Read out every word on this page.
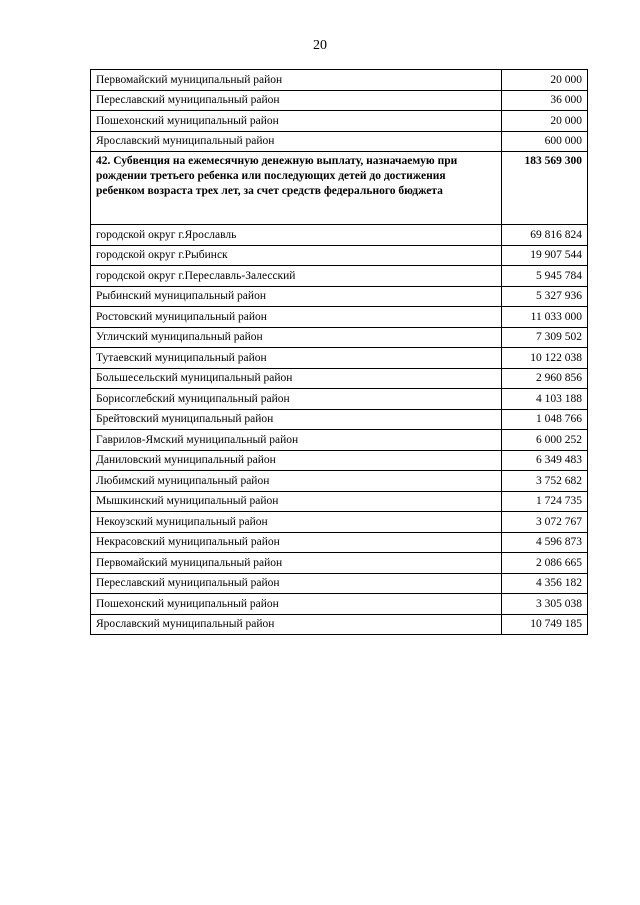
20
Первомайский муниципальный район	20 000
Переславский муниципальный район	36 000
Пошехонский муниципальный район	20 000
Ярославский муниципальный район	600 000
42. Субвенция на ежемесячную денежную выплату, назначаемую при рождении третьего ребенка или последующих детей до достижения ребенком возраста трех лет, за счет средств федерального бюджета	183 569 300
городской округ г.Ярославль	69 816 824
городской округ г.Рыбинск	19 907 544
городской округ г.Переславль-Залесский	5 945 784
Рыбинский муниципальный район	5 327 936
Ростовский муниципальный район	11 033 000
Угличский муниципальный район	7 309 502
Тутаевский муниципальный район	10 122 038
Большесельский муниципальный район	2 960 856
Борисоглебский муниципальный район	4 103 188
Брейтовский муниципальный район	1 048 766
Гаврилов-Ямский муниципальный район	6 000 252
Даниловский муниципальный район	6 349 483
Любимский муниципальный район	3 752 682
Мышкинский муниципальный район	1 724 735
Некоузский муниципальный район	3 072 767
Некрасовский муниципальный район	4 596 873
Первомайский муниципальный район	2 086 665
Переславский муниципальный район	4 356 182
Пошехонский муниципальный район	3 305 038
Ярославский муниципальный район	10 749 185
